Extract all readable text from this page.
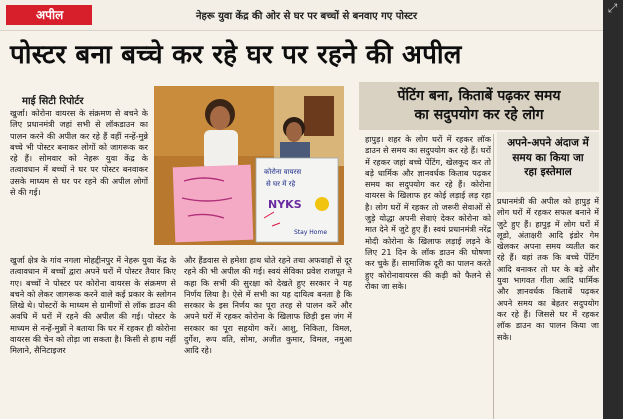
अपील	नेहरू युवा केंद्र की ओर से घर पर बच्चों से बनवाए गए पोस्टर
पोस्टर बना बच्चे कर रहे घर पर रहने की अपील
माई सिटी रिपोर्टर
खुर्जा। कोरोना वायरस के संक्रमण से बचने के लिए प्रधानमंत्री जहां सभी से लॉकडाउन का पालन करने की अपील कर रहे हैं वहीं नन्हें-मुन्ने बच्चे भी पोस्टर बनाकर लोगों को जागरूक कर रहे हैं। सोमवार को नेहरू युवा केंद्र के तत्वावधान में बच्चों ने घर पर पोस्टर बनवाकर उसके माध्यम से घर पर रहने की अपील लोगों से की गई।
खुर्जा क्षेत्र के गांव नगला मोहद्दीनपुर में नेहरू युवा केंद्र के तत्वावधान में बच्चों द्वारा अपने घरों में पोस्टर तैयार किए गए। बच्चों ने पोस्टर पर कोरोना वायरस के संक्रमण से बचने को लेकर जागरूक करने वाले कई प्रकार के स्लोगन लिखे थे। पोस्टरों के माध्यम से ग्रामीणों से लॉक डाउन की अवधि में घरों में रहने की अपील की गई। पोस्टर के माध्यम से नन्हें-मुन्नों ने बताया कि घर में रहकर ही कोरोना वायरस की चेन को तोड़ा जा सकता है। किसी से हाथ नहीं मिलाने, सैनिटाइजर
और हैंडवास से हमेशा हाथ धोते रहने तथा अफवाहों से दूर रहने की भी अपील की गई। स्वयं सेविका प्रवेश राजपूत ने कहा कि सभी की सुरक्षा को देखते हुए सरकार ने यह निर्णय लिया है। ऐसे में सभी का यह दायित्व बनता है कि सरकार के इस निर्णय का पूरा तरह से पालन करें और अपने घरों में रहकर कोरोना के खिलाफ छिड़ी इस जंग में सरकार का पूरा सहयोग करें। आशु, निकिता, विमल, दुर्गेश, रूप वति, सोमा, अजीत कुमार, विमल, नमुआ आदि रहे।
कोरोना वायरस
से घर में रहे
NYKS
Stay Home
पेंटिंग बना, किताबें पढ़कर समय
का सदुपयोग कर रहे लोग
हापुड़। शहर के लोग घरों में रहकर लॉक डाउन से समय का सदुपयोग कर रहे हैं। घरों में रहकर जहां बच्चे पेंटिंग, खेलकूद कर तो बड़े धार्मिक और ज्ञानवर्धक किताब पढ़कर समय का सदुपयोग कर रहे हैं। कोरोना वायरस के खिलाफ हर कोई लड़ाई लड़ रहा है। लोग घरों में रहकर तो जरूरी सेवाओं से जुड़े योद्धा अपनी सेवाएं देकर कोरोना को मात देने में जुटे हुए हैं। स्वयं प्रधानमंत्री नरेंद्र मोदी कोरोना के खिलाफ लड़ाई लड़ने के लिए 21 दिन के लॉक डाउन की घोषणा कर चुके हैं। सामाजिक दूरी का पालन करते हुए कोरोनावायरस की कड़ी को फैलने से रोका जा सके।
अपने-अपने अंदाज में
समय का किया जा
रहा इस्तेमाल
प्रधानमंत्री की अपील को हापुड़ में लोग घरों में रहकर सफल बनाने में जुटे हुए हैं। हापुड़ में लोग घरों में लूडो, अंताक्षरी आदि इंडोर गेम खेलकर अपना समय व्यतीत कर रहे हैं। वहां तक कि बच्चे पेंटिंग आदि बनाकर तो घर के बड़े और युवा भागवत गीता आदि धार्मिक और ज्ञानवर्धक किताबें पढ़कर अपने समय का बेहतर सदुपयोग कर रहे हैं। जिससे घर में रहकर लॉक डाउन का पालन किया जा सके।
⤢
